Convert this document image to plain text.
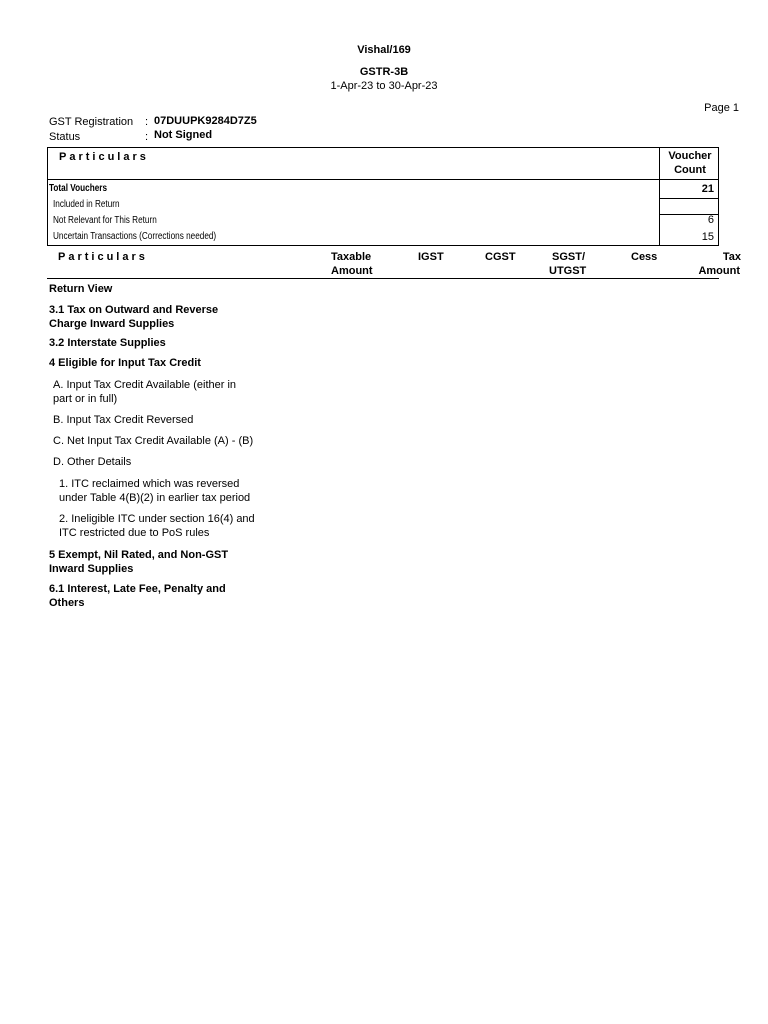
Vishal/169
GSTR-3B
1-Apr-23 to 30-Apr-23
Page 1
GST Registration : 07DUUPK9284D7Z5
Status	: Not Signed
Particulars	Voucher
Count
Total Vouchers	21
Included in Return
Not Relevant for This Return	6
Uncertain Transactions (Corrections needed)	15
Particulars	Taxable
Amount
IGST	CGST	SGST/
UTGST
Cess	Tax
Amount
Return View
3.1 Tax on Outward and Reverse
Charge Inward Supplies
3.2 Interstate Supplies
4 Eligible for Input Tax Credit
A. Input Tax Credit Available (either in
part or in full)
B. Input Tax Credit Reversed
C. Net Input Tax Credit Available (A) - (B)
D. Other Details
1. ITC reclaimed which was reversed
under Table 4(B)(2) in earlier tax period
2. Ineligible ITC under section 16(4) and
ITC restricted due to PoS rules
5 Exempt, Nil Rated, and Non-GST
Inward Supplies
6.1 Interest, Late Fee, Penalty and
Others
